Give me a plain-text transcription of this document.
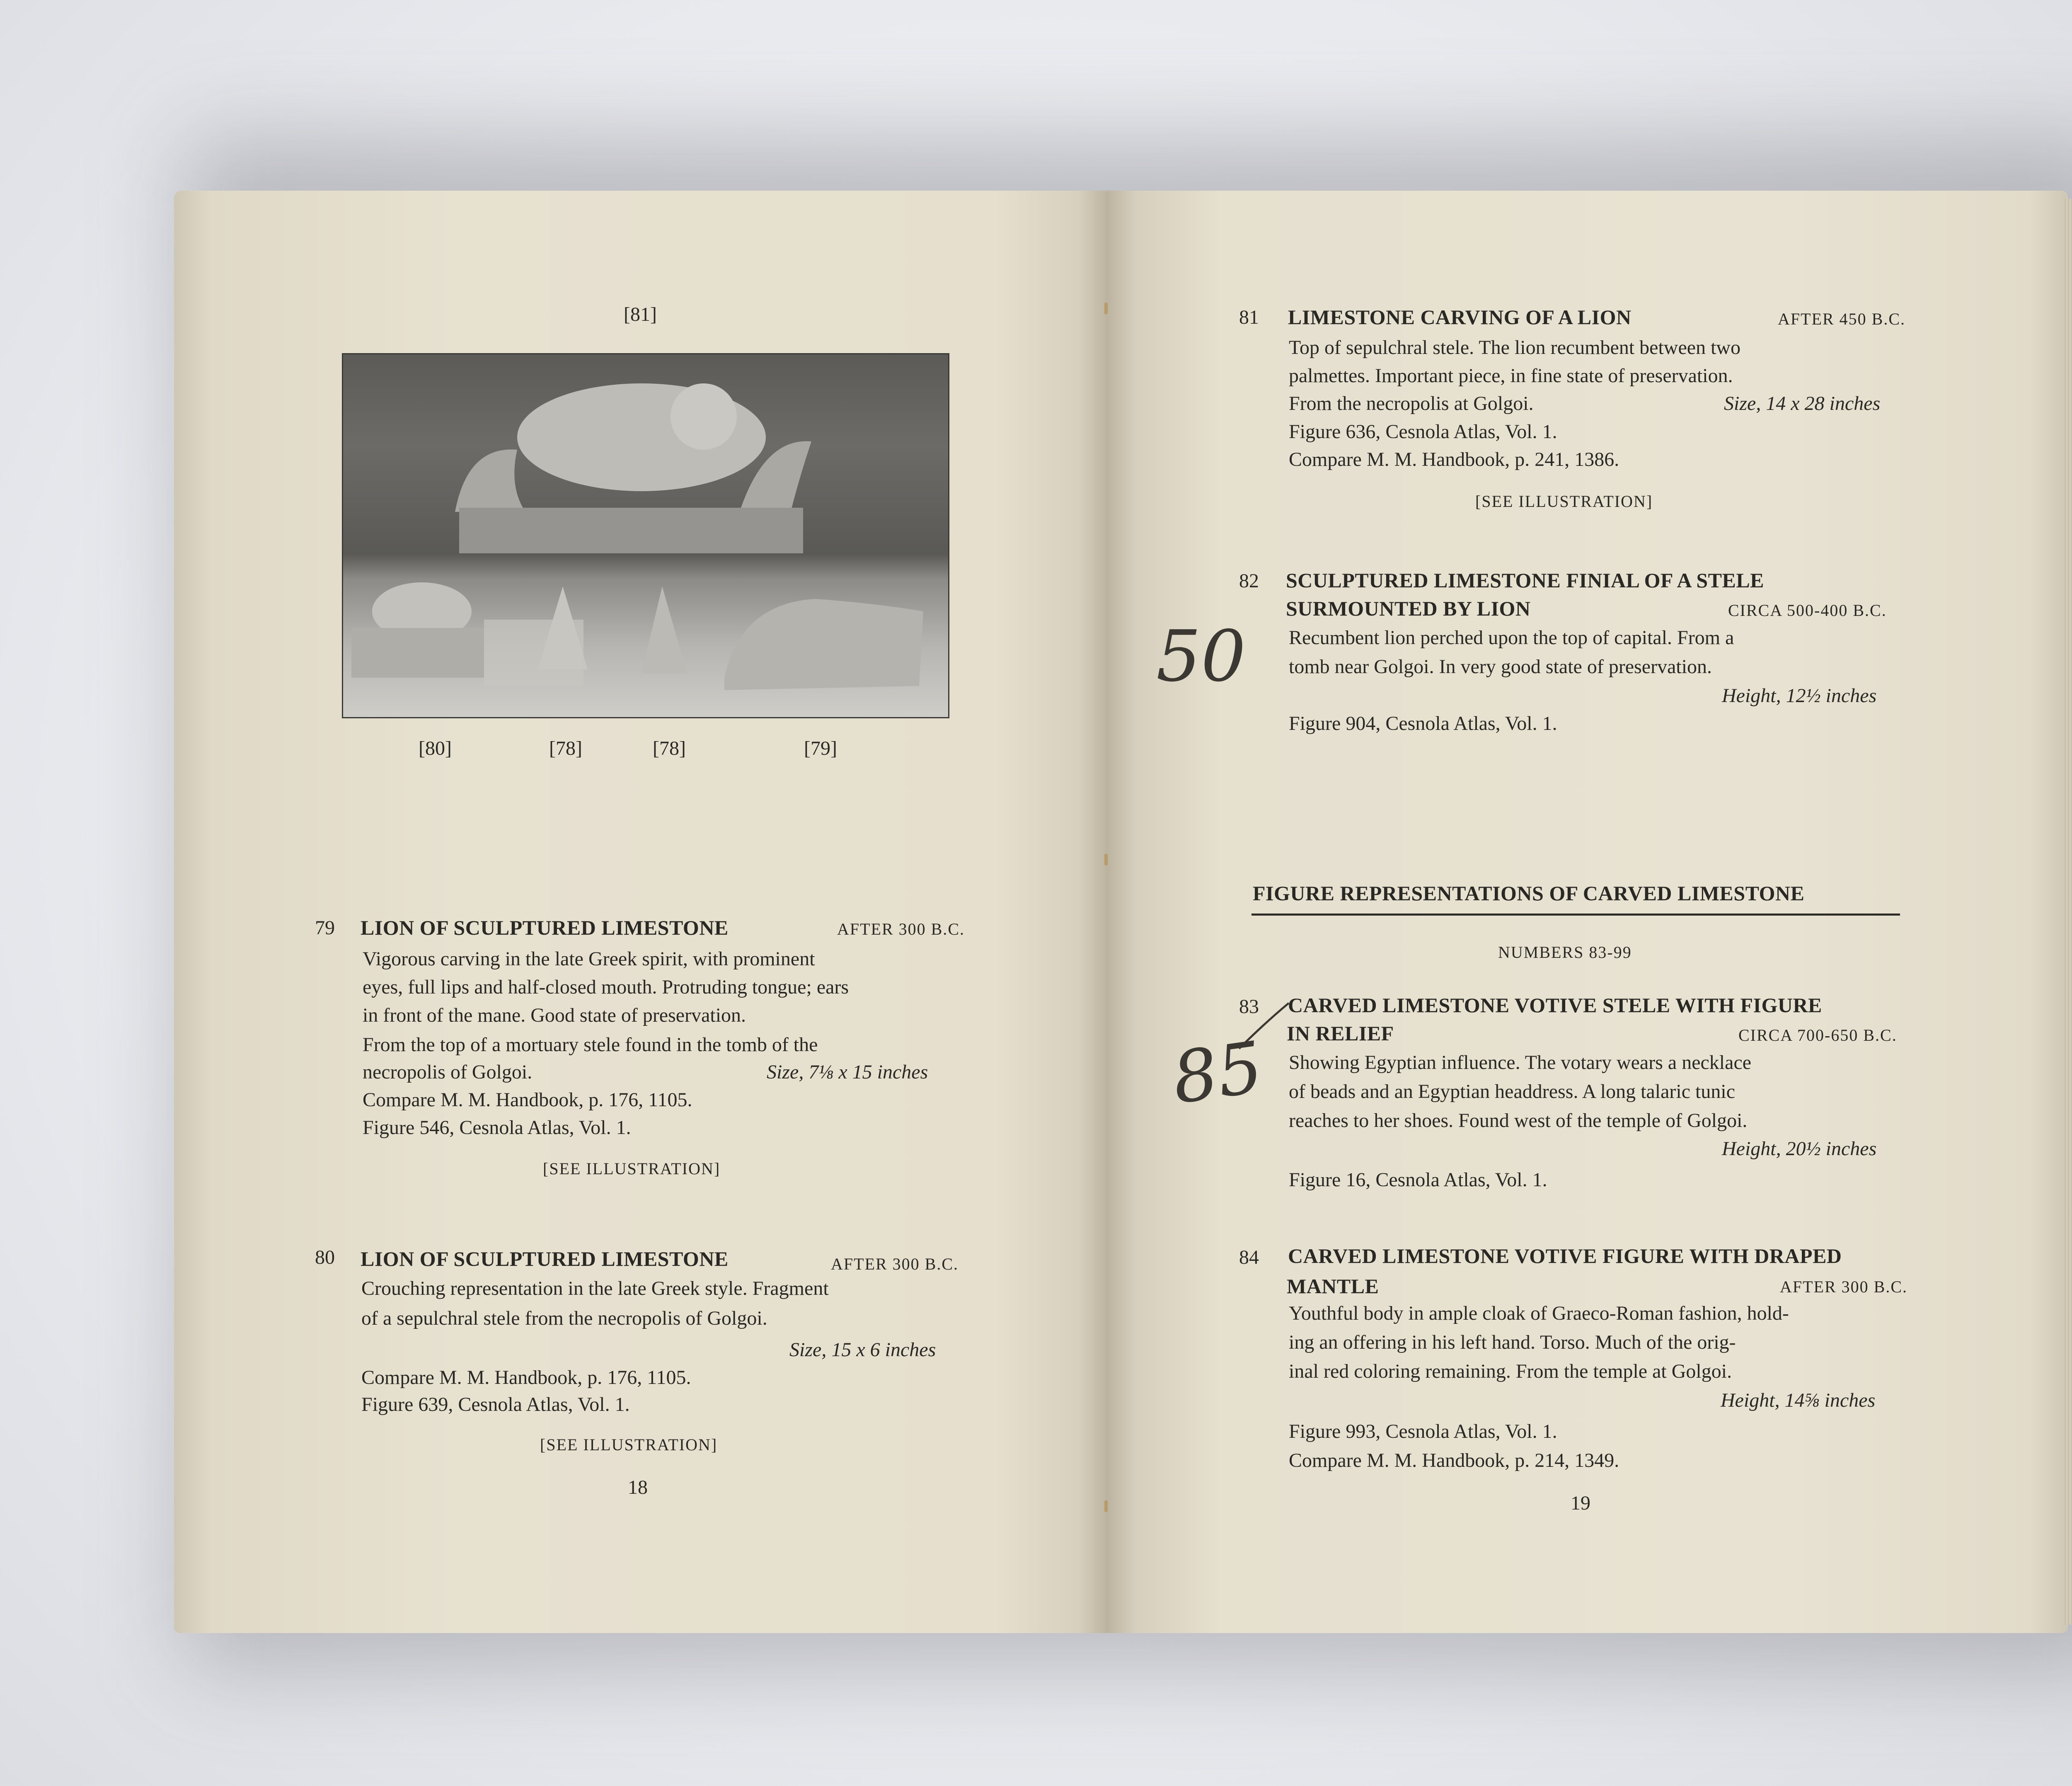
[81]
[80]	[78]	[78]	[79]
79 LION OF SCULPTURED LIMESTONE	AFTER 300 B.C.
Vigorous carving in the late Greek spirit, with prominent
eyes, full lips and half-closed mouth. Protruding tongue; ears
in front of the mane. Good state of preservation.
From the top of a mortuary stele found in the tomb of the
necropolis of Golgoi.	Size, 7⅛ x 15 inches
Compare M. M. Handbook, p. 176, 1105.
Figure 546, Cesnola Atlas, Vol. 1.
[SEE ILLUSTRATION]
80 LION OF SCULPTURED LIMESTONE	AFTER 300 B.C.
Crouching representation in the late Greek style. Fragment
of a sepulchral stele from the necropolis of Golgoi.
Size, 15 x 6 inches
Compare M. M. Handbook, p. 176, 1105.
Figure 639, Cesnola Atlas, Vol. 1.
[SEE ILLUSTRATION]
18
81 LIMESTONE CARVING OF A LION	AFTER 450 B.C.
Top of sepulchral stele. The lion recumbent between two
palmettes. Important piece, in fine state of preservation.
From the necropolis at Golgoi.	Size, 14 x 28 inches
Figure 636, Cesnola Atlas, Vol. 1.
Compare M. M. Handbook, p. 241, 1386.
[SEE ILLUSTRATION]
82 SCULPTURED LIMESTONE FINIAL OF A STELE
SURMOUNTED BY LION	CIRCA 500-400 B.C.
Recumbent lion perched upon the top of capital. From a
tomb near Golgoi. In very good state of preservation.
Height, 12½ inches
Figure 904, Cesnola Atlas, Vol. 1.
50
FIGURE REPRESENTATIONS OF CARVED LIMESTONE
NUMBERS 83-99
83 CARVED LIMESTONE VOTIVE STELE WITH FIGURE
IN RELIEF	CIRCA 700-650 B.C.
Showing Egyptian influence. The votary wears a necklace
of beads and an Egyptian headdress. A long talaric tunic
reaches to her shoes. Found west of the temple of Golgoi.
Height, 20½ inches
Figure 16, Cesnola Atlas, Vol. 1.
85
84 CARVED LIMESTONE VOTIVE FIGURE WITH DRAPED
MANTLE	AFTER 300 B.C.
Youthful body in ample cloak of Graeco-Roman fashion, hold-
ing an offering in his left hand. Torso. Much of the orig-
inal red coloring remaining. From the temple at Golgoi.
Height, 14⅝ inches
Figure 993, Cesnola Atlas, Vol. 1.
Compare M. M. Handbook, p. 214, 1349.
19
